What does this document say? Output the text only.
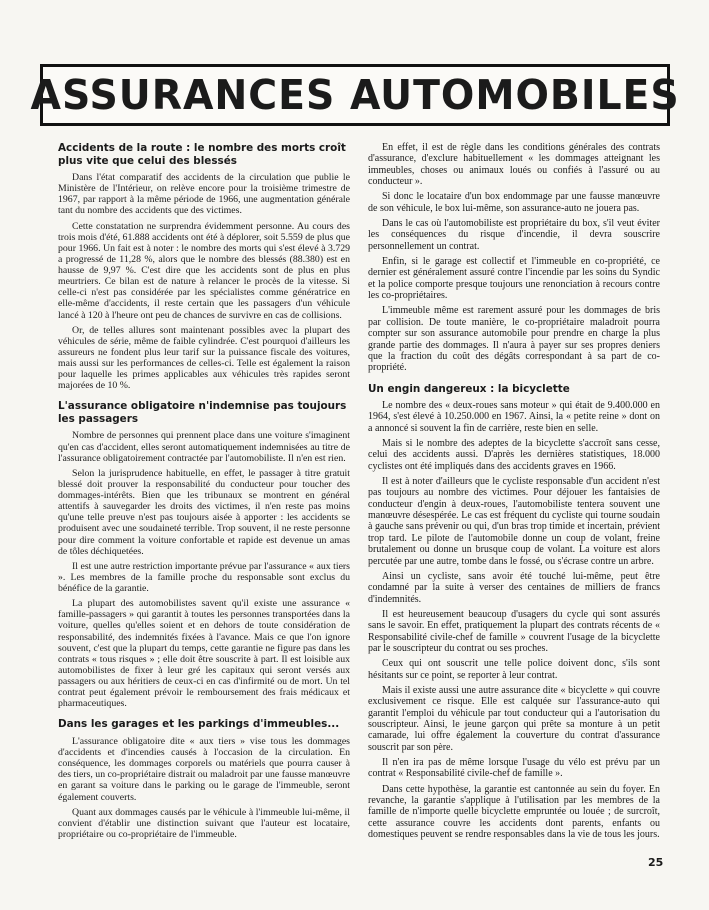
ASSURANCES AUTOMOBILES
Accidents de la route : le nombre des morts croît plus vite que celui des blessés

Dans l'état comparatif des accidents de la circulation que publie le Ministère de l'Intérieur, on relève encore pour la troisième trimestre de 1967, par rapport à la même période de 1966, une augmentation générale tant du nombre des accidents que des victimes.

Cette constatation ne surprendra évidemment personne. Au cours des trois mois d'été, 61.888 accidents ont été à déplorer, soit 5.559 de plus que pour 1966. Un fait est à noter : le nombre des morts qui s'est élevé à 3.729 a progressé de 11,28 %, alors que le nombre des blessés (88.380) est en hausse de 9,97 %. C'est dire que les accidents sont de plus en plus meurtriers. Ce bilan est de nature à relancer le procès de la vitesse. Si celle-ci n'est pas considérée par les spécialistes comme génératrice en elle-même d'accidents, il reste certain que les passagers d'un véhicule lancé à 120 à l'heure ont peu de chances de survivre en cas de collisions.

Or, de telles allures sont maintenant possibles avec la plupart des véhicules de série, même de faible cylindrée. C'est pourquoi d'ailleurs les assureurs ne fondent plus leur tarif sur la puissance fiscale des voitures, mais aussi sur les performances de celles-ci. Telle est également la raison pour laquelle les primes applicables aux véhicules très rapides seront majorées de 10 %.

L'assurance obligatoire n'indemnise pas toujours les passagers

Nombre de personnes qui prennent place dans une voiture s'imaginent qu'en cas d'accident, elles seront automatiquement indemnisées au titre de l'assurance obligatoirement contractée par l'automobiliste. Il n'en est rien.

Selon la jurisprudence habituelle, en effet, le passager à titre gratuit blessé doit prouver la responsabilité du conducteur pour toucher des dommages-intérêts. Bien que les tribunaux se montrent en général attentifs à sauvegarder les droits des victimes, il n'en reste pas moins qu'une telle preuve n'est pas toujours aisée à apporter : les accidents se produisent avec une soudaineté terrible. Trop souvent, il ne reste personne pour dire comment la voiture confortable et rapide est devenue un amas de tôles déchiquetées.

Il est une autre restriction importante prévue par l'assurance « aux tiers ». Les membres de la famille proche du responsable sont exclus du bénéfice de la garantie.

La plupart des automobilistes savent qu'il existe une assurance « famille-passagers » qui garantit à toutes les personnes transportées dans la voiture, quelles qu'elles soient et en dehors de toute considération de responsabilité, des indemnités fixées à l'avance. Mais ce que l'on ignore souvent, c'est que la plupart du temps, cette garantie ne figure pas dans les contrats « tous risques » ; elle doit être souscrite à part. Il est loisible aux automobilistes de fixer à leur gré les capitaux qui seront versés aux passagers ou aux héritiers de ceux-ci en cas d'infirmité ou de mort. Un tel contrat peut également prévoir le remboursement des frais médicaux et pharmaceutiques.

Dans les garages et les parkings d'immeubles...

L'assurance obligatoire dite « aux tiers » vise tous les dommages d'accidents et d'incendies causés à l'occasion de la circulation. En conséquence, les dommages corporels ou matériels que pourra causer à des tiers, un co-propriétaire distrait ou maladroit par une fausse manœuvre en garant sa voiture dans le parking ou le garage de l'immeuble, seront également couverts.

Quant aux dommages causés par le véhicule à l'immeuble lui-même, il convient d'établir une distinction suivant que l'auteur est locataire, propriétaire ou co-propriétaire de l'immeuble.

En effet, il est de règle dans les conditions générales des contrats d'assurance, d'exclure habituellement « les dommages atteignant les immeubles, choses ou animaux loués ou confiés à l'assuré ou au conducteur ».

Si donc le locataire d'un box endommage par une fausse manœuvre de son véhicule, le box lui-même, son assurance-auto ne jouera pas.

Dans le cas où l'automobiliste est propriétaire du box, s'il veut éviter les conséquences du risque d'incendie, il devra souscrire personnellement un contrat.

Enfin, si le garage est collectif et l'immeuble en co-propriété, ce dernier est généralement assuré contre l'incendie par les soins du Syndic et la police comporte presque toujours une renonciation à recours contre les co-propriétaires.

L'immeuble même est rarement assuré pour les dommages de bris par collision. De toute manière, le co-propriétaire maladroit pourra compter sur son assurance automobile pour prendre en charge la plus grande partie des dommages. Il n'aura à payer sur ses propres deniers que la fraction du coût des dégâts correspondant à sa part de co-propriété.

Un engin dangereux : la bicyclette

Le nombre des « deux-roues sans moteur » qui était de 9.400.000 en 1964, s'est élevé à 10.250.000 en 1967. Ainsi, la « petite reine » dont on a annoncé si souvent la fin de carrière, reste bien en selle.

Mais si le nombre des adeptes de la bicyclette s'accroît sans cesse, celui des accidents aussi. D'après les dernières statistiques, 18.000 cyclistes ont été impliqués dans des accidents graves en 1966.

Il est à noter d'ailleurs que le cycliste responsable d'un accident n'est pas toujours au nombre des victimes. Pour déjouer les fantaisies de conducteur d'engin à deux-roues, l'automobiliste tentera souvent une manœuvre désespérée. Le cas est fréquent du cycliste qui tourne soudain à gauche sans prévenir ou qui, d'un bras trop timide et incertain, prévient trop tard. Le pilote de l'automobile donne un coup de volant, freine brutalement ou donne un brusque coup de volant. La voiture est alors percutée par une autre, tombe dans le fossé, ou s'écrase contre un arbre.

Ainsi un cycliste, sans avoir été touché lui-même, peut être condamné par la suite à verser des centaines de milliers de francs d'indemnités.

Il est heureusement beaucoup d'usagers du cycle qui sont assurés sans le savoir. En effet, pratiquement la plupart des contrats récents de « Responsabilité civile-chef de famille » couvrent l'usage de la bicyclette par le souscripteur du contrat ou ses proches.

Ceux qui ont souscrit une telle police doivent donc, s'ils sont hésitants sur ce point, se reporter à leur contrat.

Mais il existe aussi une autre assurance dite « bicyclette » qui couvre exclusivement ce risque. Elle est calquée sur l'assurance-auto qui garantit l'emploi du véhicule par tout conducteur qui a l'autorisation du souscripteur. Ainsi, le jeune garçon qui prête sa monture à un petit camarade, lui offre également la couverture du contrat d'assurance souscrit par son père.

Il n'en ira pas de même lorsque l'usage du vélo est prévu par un contrat « Responsabilité civile-chef de famille ».

Dans cette hypothèse, la garantie est cantonnée au sein du foyer. En revanche, la garantie s'applique à l'utilisation par les membres de la famille de n'importe quelle bicyclette empruntée ou louée ; de surcroît, cette assurance couvre les accidents dont parents, enfants ou domestiques peuvent se rendre responsables dans la vie de tous les jours.

25
